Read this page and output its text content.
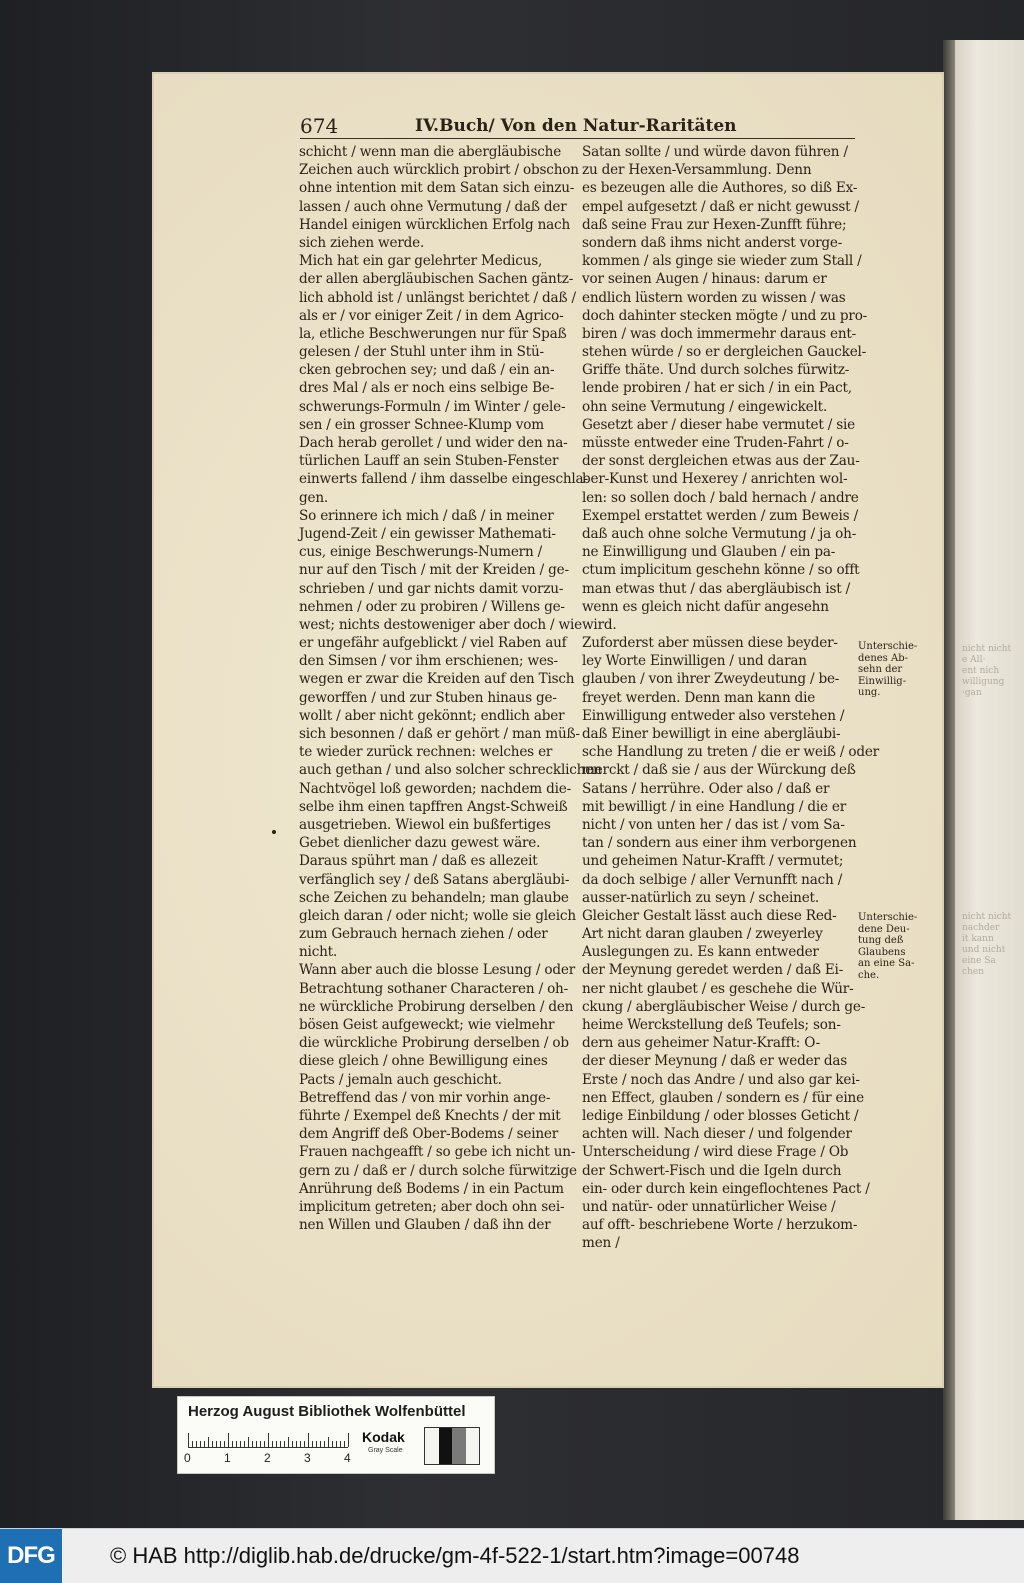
nicht nicht
e All·
ent nich
willigung
·gan
nicht nicht
nachder
it kann
und nicht
eine Sa
chen
674	IV.Buch/ Von den Natur-Raritäten
schicht / wenn man die abergläubische
Zeichen auch würcklich probirt / obschon
ohne intention mit dem Satan sich einzu-
lassen / auch ohne Vermutung / daß der
Handel einigen würcklichen Erfolg nach
sich ziehen werde.
Mich hat ein gar gelehrter Medicus,
der allen abergläubischen Sachen gäntz-
lich abhold ist / unlängst berichtet / daß /
als er / vor einiger Zeit / in dem Agrico-
la, etliche Beschwerungen nur für Spaß
gelesen / der Stuhl unter ihm in Stü-
cken gebrochen sey; und daß / ein an-
dres Mal / als er noch eins selbige Be-
schwerungs-Formuln / im Winter / gele-
sen / ein grosser Schnee-Klump vom
Dach herab gerollet / und wider den na-
türlichen Lauff an sein Stuben-Fenster
einwerts fallend / ihm dasselbe eingeschla-
gen.
So erinnere ich mich / daß / in meiner
Jugend-Zeit / ein gewisser Mathemati-
cus, einige Beschwerungs-Numern /
nur auf den Tisch / mit der Kreiden / ge-
schrieben / und gar nichts damit vorzu-
nehmen / oder zu probiren / Willens ge-
west; nichts destoweniger aber doch / wie
er ungefähr aufgeblickt / viel Raben auf
den Simsen / vor ihm erschienen; wes-
wegen er zwar die Kreiden auf den Tisch
geworffen / und zur Stuben hinaus ge-
wollt / aber nicht gekönnt; endlich aber
sich besonnen / daß er gehört / man müß-
te wieder zurück rechnen: welches er
auch gethan / und also solcher schrecklichen
Nachtvögel loß geworden; nachdem die-
selbe ihm einen tapffren Angst-Schweiß
ausgetrieben. Wiewol ein bußfertiges
Gebet dienlicher dazu gewest wäre.
Daraus spührt man / daß es allezeit
verfänglich sey / deß Satans abergläubi-
sche Zeichen zu behandeln; man glaube
gleich daran / oder nicht; wolle sie gleich
zum Gebrauch hernach ziehen / oder
nicht.
Wann aber auch die blosse Lesung / oder
Betrachtung sothaner Characteren / oh-
ne würckliche Probirung derselben / den
bösen Geist aufgeweckt; wie vielmehr
die würckliche Probirung derselben / ob
diese gleich / ohne Bewilligung eines
Pacts / jemaln auch geschicht.
Betreffend das / von mir vorhin ange-
führte / Exempel deß Knechts / der mit
dem Angriff deß Ober-Bodems / seiner
Frauen nachgeafft / so gebe ich nicht un-
gern zu / daß er / durch solche fürwitzige
Anrührung deß Bodems / in ein Pactum
implicitum getreten; aber doch ohn sei-
nen Willen und Glauben / daß ihn der
Satan sollte / und würde davon führen /
zu der Hexen-Versammlung. Denn
es bezeugen alle die Authores, so diß Ex-
empel aufgesetzt / daß er nicht gewusst /
daß seine Frau zur Hexen-Zunfft führe;
sondern daß ihms nicht anderst vorge-
kommen / als ginge sie wieder zum Stall /
vor seinen Augen / hinaus: darum er
endlich lüstern worden zu wissen / was
doch dahinter stecken mögte / und zu pro-
biren / was doch immermehr daraus ent-
stehen würde / so er dergleichen Gauckel-
Griffe thäte. Und durch solches fürwitz-
lende probiren / hat er sich / in ein Pact,
ohn seine Vermutung / eingewickelt.
Gesetzt aber / dieser habe vermutet / sie
müsste entweder eine Truden-Fahrt / o-
der sonst dergleichen etwas aus der Zau-
ber-Kunst und Hexerey / anrichten wol-
len: so sollen doch / bald hernach / andre
Exempel erstattet werden / zum Beweis /
daß auch ohne solche Vermutung / ja oh-
ne Einwilligung und Glauben / ein pa-
ctum implicitum geschehn könne / so offt
man etwas thut / das abergläubisch ist /
wenn es gleich nicht dafür angesehn
wird.
Zuforderst aber müssen diese beyder-
ley Worte Einwilligen / und daran
glauben / von ihrer Zweydeutung / be-
freyet werden. Denn man kann die
Einwilligung entweder also verstehen /
daß Einer bewilligt in eine abergläubi-
sche Handlung zu treten / die er weiß / oder
merckt / daß sie / aus der Würckung deß
Satans / herrühre. Oder also / daß er
mit bewilligt / in eine Handlung / die er
nicht / von unten her / das ist / vom Sa-
tan / sondern aus einer ihm verborgenen
und geheimen Natur-Krafft / vermutet;
da doch selbige / aller Vernunfft nach /
ausser-natürlich zu seyn / scheinet.
Gleicher Gestalt lässt auch diese Red-
Art nicht daran glauben / zweyerley
Auslegungen zu. Es kann entweder
der Meynung geredet werden / daß Ei-
ner nicht glaubet / es geschehe die Wür-
ckung / abergläubischer Weise / durch ge-
heime Werckstellung deß Teufels; son-
dern aus geheimer Natur-Krafft: O-
der dieser Meynung / daß er weder das
Erste / noch das Andre / und also gar kei-
nen Effect, glauben / sondern es / für eine
ledige Einbildung / oder blosses Geticht /
achten will. Nach dieser / und folgender
Unterscheidung / wird diese Frage / Ob
der Schwert-Fisch und die Igeln durch
ein- oder durch kein eingeflochtenes Pact /
und natür- oder unnatürlicher Weise /
auf offt- beschriebene Worte / herzukom-
men /
Unterschie-
denes Ab-
sehn der
Einwillig-
ung.
Unterschie-
dene Deu-
tung deß
Glaubens
an eine Sa-
che.
Herzog August Bibliothek Wolfenbüttel
0	1	2	3	4
Kodak
Gray Scale
DFG	© HAB http://diglib.hab.de/drucke/gm-4f-522-1/start.htm?image=00748
